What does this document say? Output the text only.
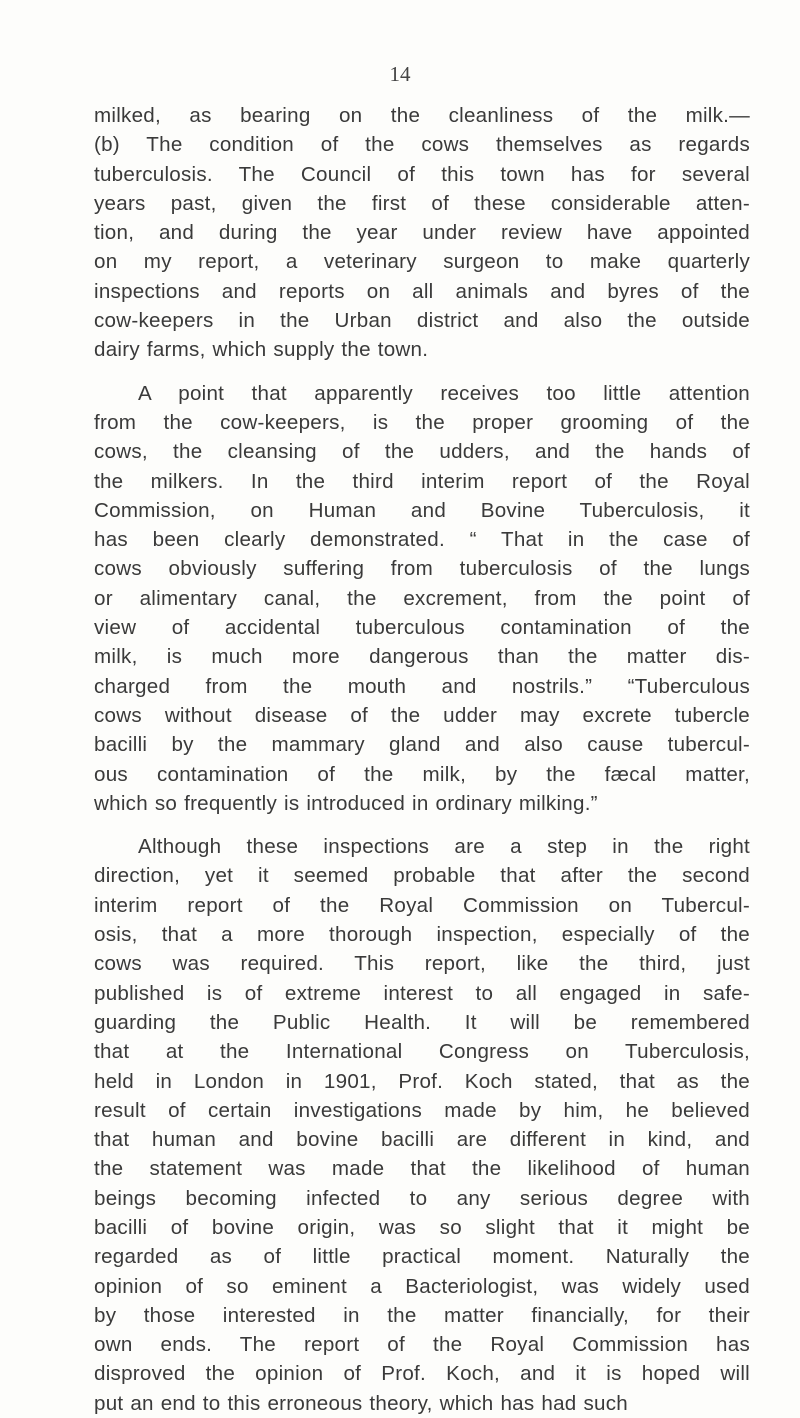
14
milked, as bearing on the cleanliness of the milk.—
(b) The condition of the cows themselves as regards
tuberculosis. The Council of this town has for several
years past, given the first of these considerable atten-
tion, and during the year under review have appointed
on my report, a veterinary surgeon to make quarterly
inspections and reports on all animals and byres of the
cow-keepers in the Urban district and also the outside
dairy farms, which supply the town.
A point that apparently receives too little attention
from the cow-keepers, is the proper grooming of the
cows, the cleansing of the udders, and the hands of
the milkers. In the third interim report of the Royal
Commission, on Human and Bovine Tuberculosis, it
has been clearly demonstrated. “ That in the case of
cows obviously suffering from tuberculosis of the lungs
or alimentary canal, the excrement, from the point of
view of accidental tuberculous contamination of the
milk, is much more dangerous than the matter dis-
charged from the mouth and nostrils.” “Tuberculous
cows without disease of the udder may excrete tubercle
bacilli by the mammary gland and also cause tubercul-
ous contamination of the milk, by the fæcal matter,
which so frequently is introduced in ordinary milking.”
Although these inspections are a step in the right
direction, yet it seemed probable that after the second
interim report of the Royal Commission on Tubercul-
osis, that a more thorough inspection, especially of the
cows was required. This report, like the third, just
published is of extreme interest to all engaged in safe-
guarding the Public Health. It will be remembered
that at the International Congress on Tuberculosis,
held in London in 1901, Prof. Koch stated, that as the
result of certain investigations made by him, he believed
that human and bovine bacilli are different in kind, and
the statement was made that the likelihood of human
beings becoming infected to any serious degree with
bacilli of bovine origin, was so slight that it might be
regarded as of little practical moment. Naturally the
opinion of so eminent a Bacteriologist, was widely used
by those interested in the matter financially, for their
own ends. The report of the Royal Commission has
disproved the opinion of Prof. Koch, and it is hoped will
put an end to this erroneous theory, which has had such
